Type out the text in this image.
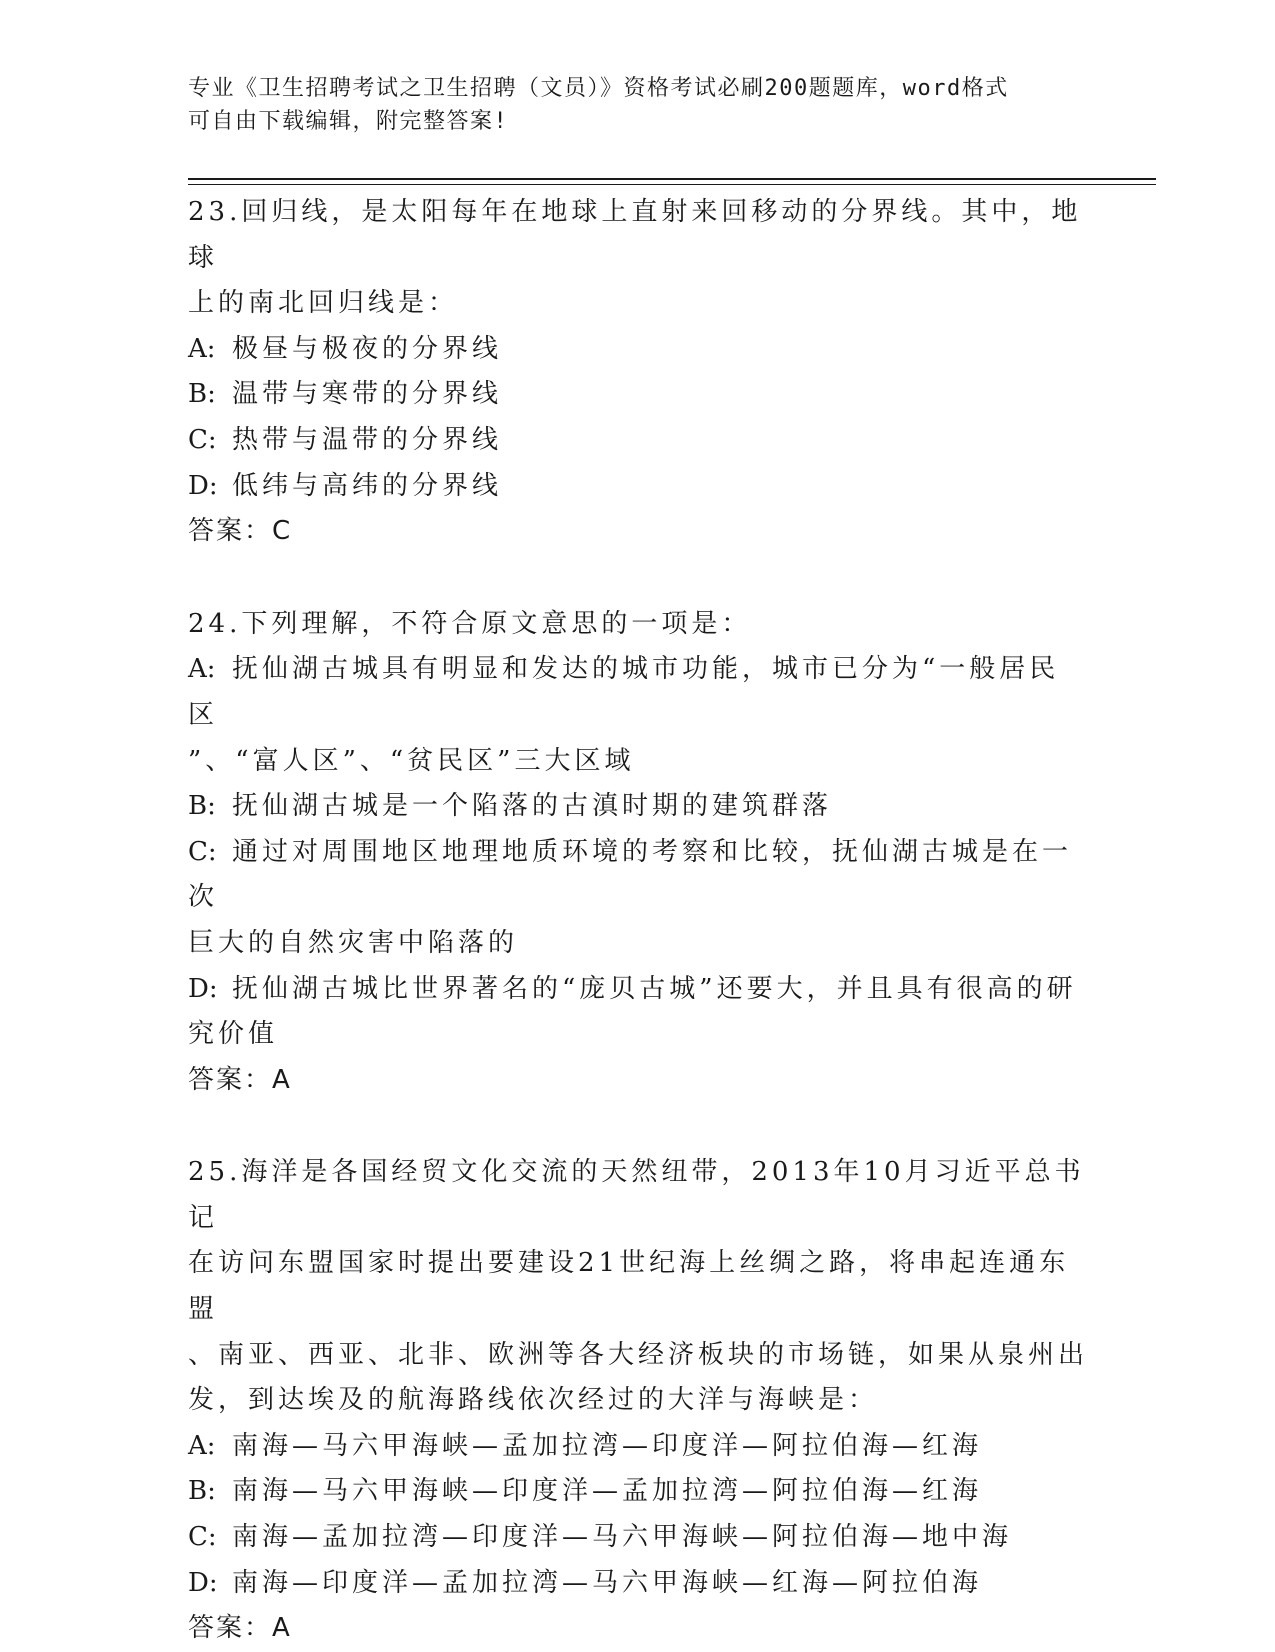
专业《卫生招聘考试之卫生招聘（文员）》资格考试必刷200题题库，word格式
可自由下载编辑，附完整答案!
23.回归线，是太阳每年在地球上直射来回移动的分界线。其中，地球
上的南北回归线是：
A: 极昼与极夜的分界线
B: 温带与寒带的分界线
C: 热带与温带的分界线
D: 低纬与高纬的分界线
答案：C
24.下列理解，不符合原文意思的一项是：
A: 抚仙湖古城具有明显和发达的城市功能，城市已分为“一般居民区
”、“富人区”、“贫民区”三大区域
B: 抚仙湖古城是一个陷落的古滇时期的建筑群落
C: 通过对周围地区地理地质环境的考察和比较，抚仙湖古城是在一次
巨大的自然灾害中陷落的
D: 抚仙湖古城比世界著名的“庞贝古城”还要大，并且具有很高的研
究价值
答案：A
25.海洋是各国经贸文化交流的天然纽带，2013年10月习近平总书记
在访问东盟国家时提出要建设21世纪海上丝绸之路，将串起连通东盟
、南亚、西亚、北非、欧洲等各大经济板块的市场链，如果从泉州出
发，到达埃及的航海路线依次经过的大洋与海峡是：
A: 南海—马六甲海峡—孟加拉湾—印度洋—阿拉伯海—红海
B: 南海—马六甲海峡—印度洋—孟加拉湾—阿拉伯海—红海
C: 南海—孟加拉湾—印度洋—马六甲海峡—阿拉伯海—地中海
D: 南海—印度洋—孟加拉湾—马六甲海峡—红海—阿拉伯海
答案：A
